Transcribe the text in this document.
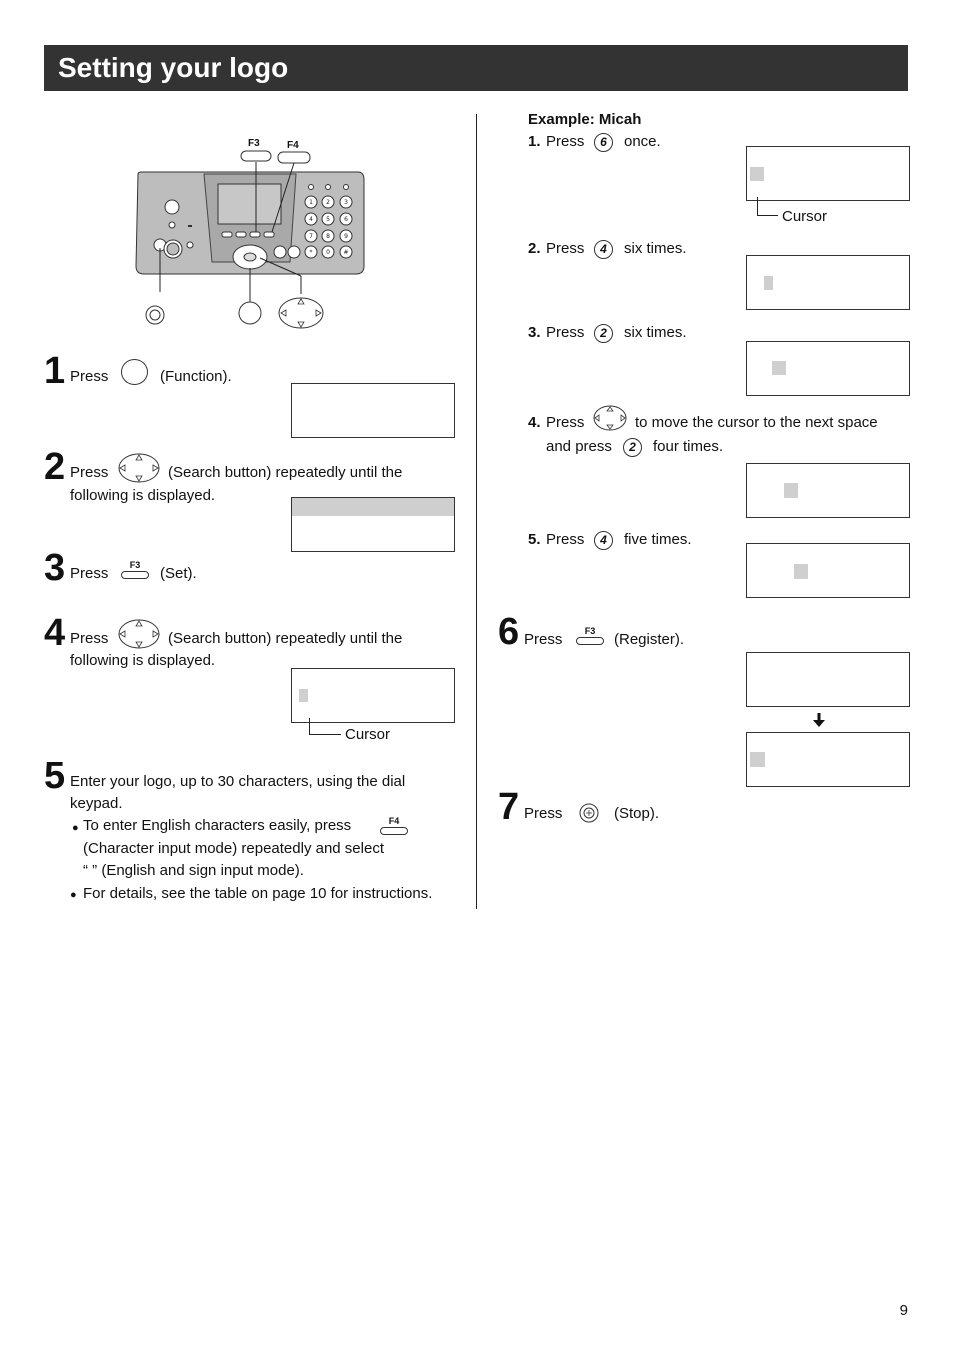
Setting your logo
1 2 3
4 5 6
7 8 9
* 0 #
F3	F4
1 Press	(Function).
2 Press	(Search button) repeatedly until the
following is displayed.
3 Press	F3	(Set).
4 Press	(Search button) repeatedly until the
following is displayed.
Cursor
5 Enter your logo, up to 30 characters, using the dial
keypad.
● To enter English characters easily, press	F4
(Character input mode) repeatedly and select
“ ” (English and sign input mode).
● For details, see the table on page 10 for instructions.
Example: Micah
1. Press	6	once.
Cursor
2. Press	4	six times.
3. Press	2	six times.
4. Press	to move the cursor to the next space
and press	2	four times.
5. Press	4	five times.
6 Press	F3	(Register).
7 Press	(Stop).
9
